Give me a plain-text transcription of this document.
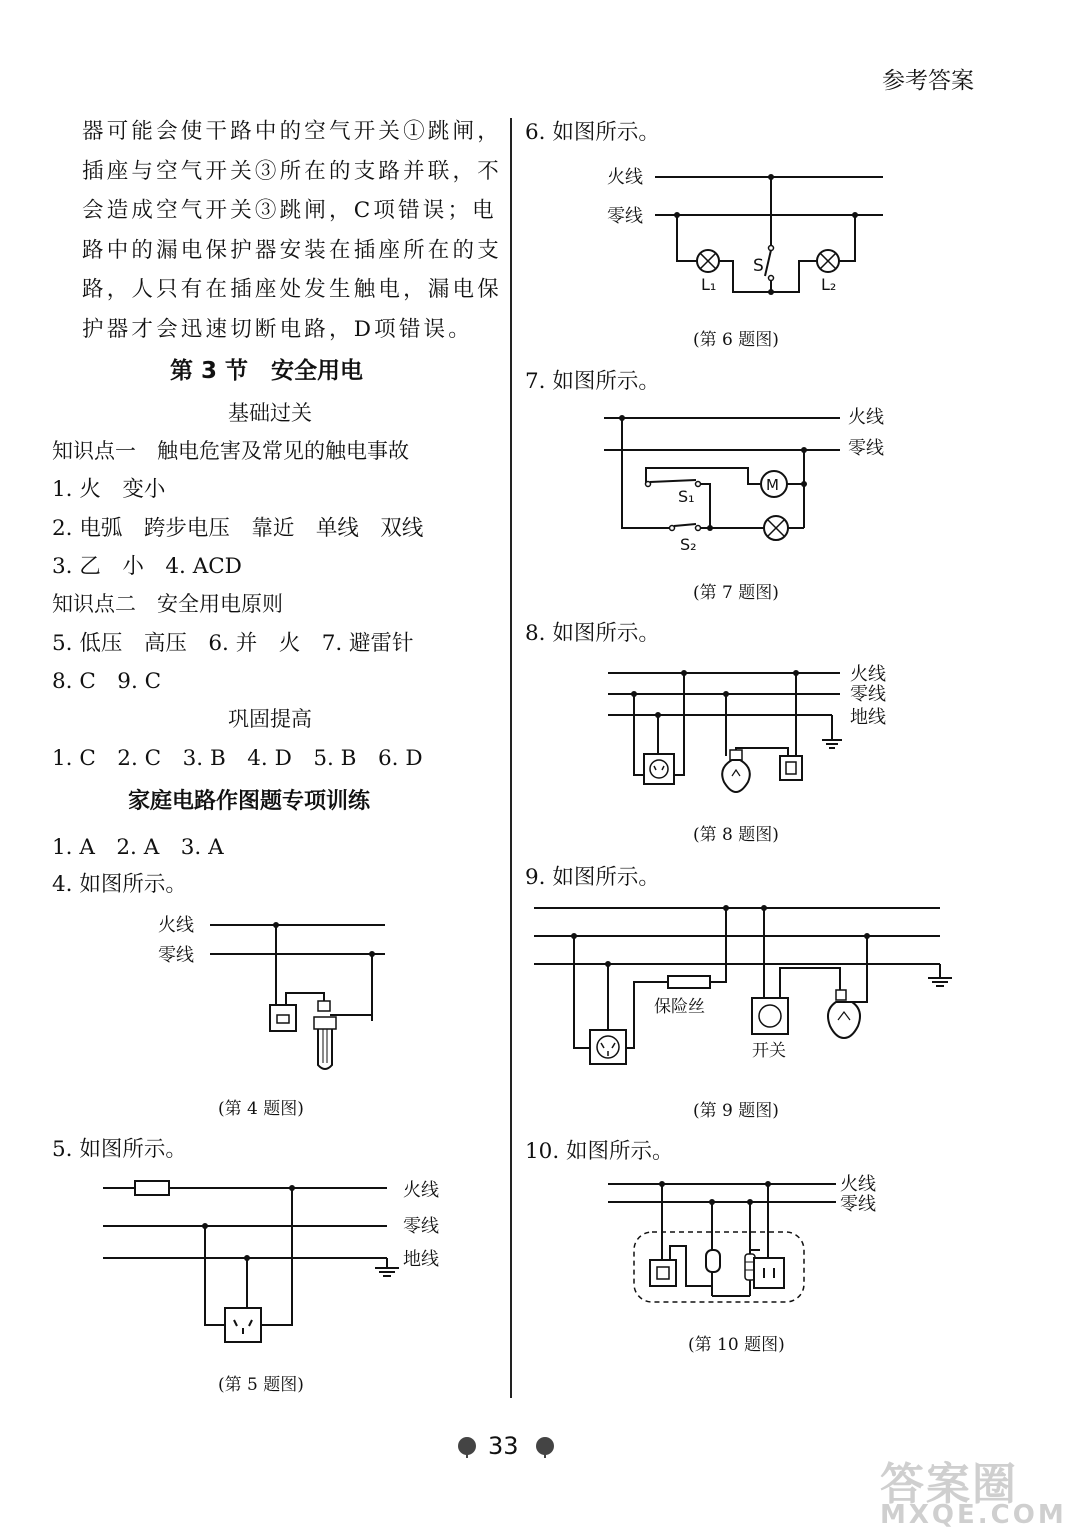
参考答案
器可能会使干路中的空气开关①跳闸，插座与空气开关③所在的支路并联，不会造成空气开关③跳闸，C项错误；电路中的漏电保护器安装在插座所在的支路，人只有在插座处发生触电，漏电保护器才会迅速切断电路，D项错误。
第 3 节　安全用电
基础过关
知识点一　触电危害及常见的触电事故
1. 火　变小
2. 电弧　跨步电压　靠近　单线　双线
3. 乙　小　4. ACD
知识点二　安全用电原则
5. 低压　高压　6. 并　火　7. 避雷针
8. C　9. C
巩固提高
1. C　2. C　3. B　4. D　5. B　6. D
家庭电路作图题专项训练
1. A　2. A　3. A
4. 如图所示。
火线
零线
(第 4 题图)
5. 如图所示。
火线
零线
地线
(第 5 题图)
6. 如图所示。
火线
零线
S
L₁	L₂
(第 6 题图)
7. 如图所示。
火线
零线
S₁
S₂
M
(第 7 题图)
8. 如图所示。
火线
零线
地线
(第 8 题图)
9. 如图所示。
保险丝
开关
(第 9 题图)
10. 如图所示。
火线
零线
(第 10 题图)
33
答案圈
MXQE.COM
